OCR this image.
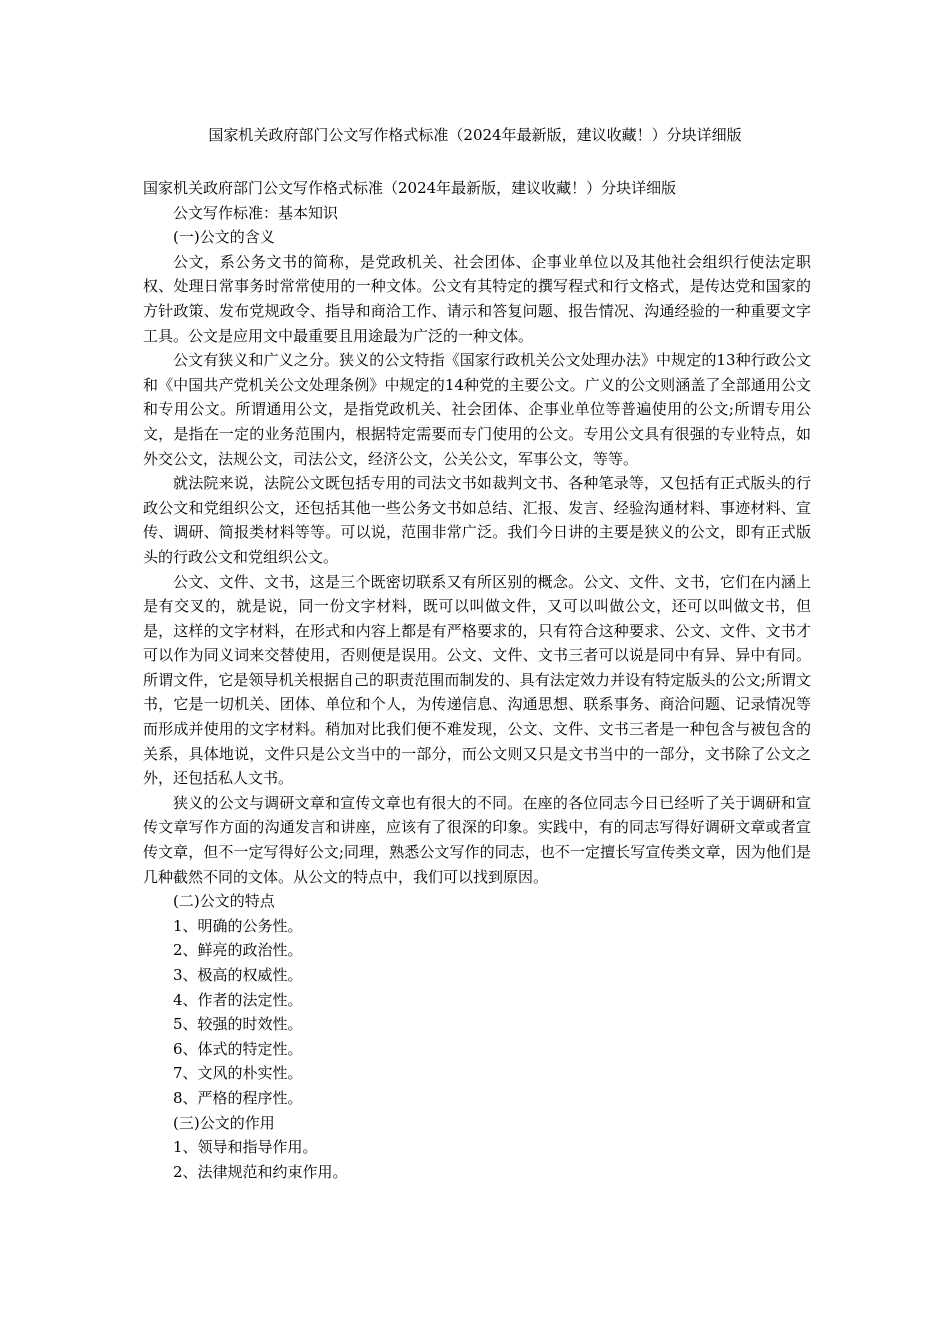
国家机关政府部门公文写作格式标准（2024年最新版，建议收藏！）分块详细版

国家机关政府部门公文写作格式标准（2024年最新版，建议收藏！）分块详细版

公文写作标准：基本知识

(一)公文的含义

公文，系公务文书的简称，是党政机关、社会团体、企事业单位以及其他社会组织行使法定职权、处理日常事务时常常使用的一种文体。公文有其特定的撰写程式和行文格式，是传达党和国家的方针政策、发布党规政令、指导和商洽工作、请示和答复问题、报告情况、沟通经验的一种重要文字工具。公文是应用文中最重要且用途最为广泛的一种文体。

公文有狭义和广义之分。狭义的公文特指《国家行政机关公文处理办法》中规定的13种行政公文和《中国共产党机关公文处理条例》中规定的14种党的主要公文。广义的公文则涵盖了全部通用公文和专用公文。所谓通用公文，是指党政机关、社会团体、企事业单位等普遍使用的公文;所谓专用公文，是指在一定的业务范围内，根据特定需要而专门使用的公文。专用公文具有很强的专业特点，如外交公文，法规公文，司法公文，经济公文，公关公文，军事公文，等等。

就法院来说，法院公文既包括专用的司法文书如裁判文书、各种笔录等，又包括有正式版头的行政公文和党组织公文，还包括其他一些公务文书如总结、汇报、发言、经验沟通材料、事迹材料、宣传、调研、简报类材料等等。可以说，范围非常广泛。我们今日讲的主要是狭义的公文，即有正式版头的行政公文和党组织公文。

公文、文件、文书，这是三个既密切联系又有所区别的概念。公文、文件、文书，它们在内涵上是有交叉的，就是说，同一份文字材料，既可以叫做文件，又可以叫做公文，还可以叫做文书，但是，这样的文字材料，在形式和内容上都是有严格要求的，只有符合这种要求、公文、文件、文书才可以作为同义词来交替使用，否则便是误用。公文、文件、文书三者可以说是同中有异、异中有同。所谓文件，它是领导机关根据自己的职责范围而制发的、具有法定效力并设有特定版头的公文;所谓文书，它是一切机关、团体、单位和个人，为传递信息、沟通思想、联系事务、商洽问题、记录情况等而形成并使用的文字材料。稍加对比我们便不难发现，公文、文件、文书三者是一种包含与被包含的关系，具体地说，文件只是公文当中的一部分，而公文则又只是文书当中的一部分，文书除了公文之外，还包括私人文书。

狭义的公文与调研文章和宣传文章也有很大的不同。在座的各位同志今日已经听了关于调研和宣传文章写作方面的沟通发言和讲座，应该有了很深的印象。实践中，有的同志写得好调研文章或者宣传文章，但不一定写得好公文;同理，熟悉公文写作的同志，也不一定擅长写宣传类文章，因为他们是几种截然不同的文体。从公文的特点中，我们可以找到原因。

(二)公文的特点

1、明确的公务性。

2、鲜亮的政治性。

3、极高的权威性。

4、作者的法定性。

5、较强的时效性。

6、体式的特定性。

7、文风的朴实性。

8、严格的程序性。

(三)公文的作用

1、领导和指导作用。

2、法律规范和约束作用。
